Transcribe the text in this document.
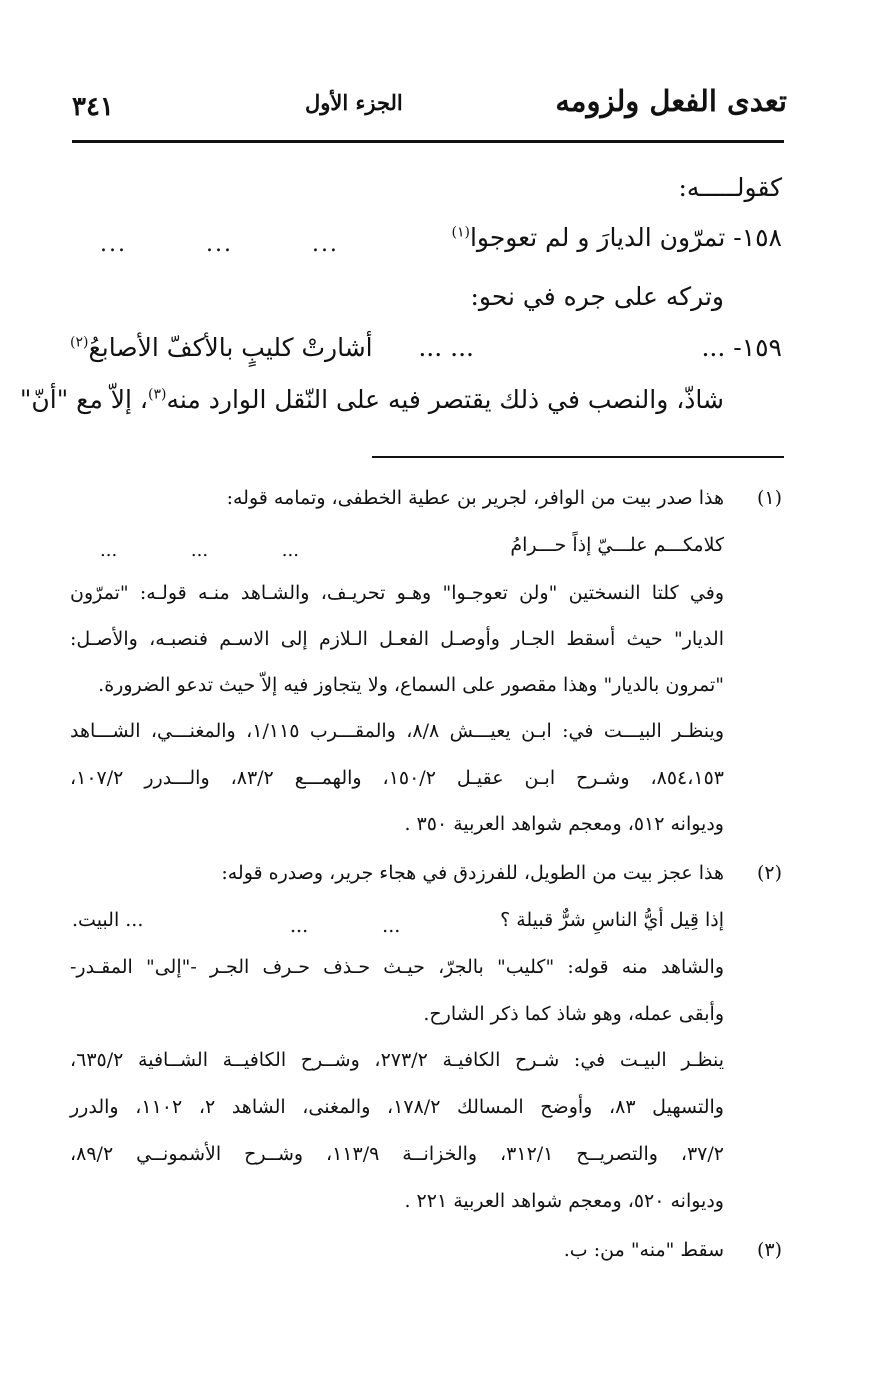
تعدى الفعل ولزومه
الجزء الأول
٣٤١
كقولـــــه:
١٥٨- تمرّون الديارَ و لم تعوجوا$^{(١)}$
... ... ...
وتركه على جره في نحو:
١٥٩- ...
... ...
أشارتْ كليبٍ بالأكفّ الأصابعُ$^{(٢)}$
شاذّ، والنصب في ذلك يقتصر فيه على النّقل الوارد منه$^{(٣)}$، إلاّ مع "أنّ"
(١)
هذا صدر بيت من الوافر، لجرير بن عطية الخطفى، وتمامه قوله:
كلامكـــم علـــيّ إذاً حـــرامُ
... ... ...
وفي كلتا النسختين "ولن تعوجـوا" وهـو تحريـف، والشـاهد منـه قولـه: "تمرّون
الديار" حيث أسقط الجـار وأوصـل الفعـل الـلازم إلى الاسـم فنصبـه، والأصـل:
"تمرون بالديار" وهذا مقصور على السماع، ولا يتجاوز فيه إلاّ حيث تدعو الضرورة.
وينظـر البيـــت في: ابـن يعيـــش ٨/٨، والمقـــرب ١/١١٥، والمغنـــي، الشـــاهد
٨٥٤،١٥٣، وشـرح ابـن عقيـل ١٥٠/٢، والهمـــع ٨٣/٢، والـــدرر ١٠٧/٢،
وديوانه ٥١٢، ومعجم شواهد العربية ٣٥٠ .
(٢)
هذا عجز بيت من الطويل، للفرزدق في هجاء جرير، وصدره قوله:
إذا قِيل أيُّ الناسِ شرٌّ قبيلة ؟
... ...
... البيت.
والشاهد منه قوله: "كليب" بالجرّ، حيـث حـذف حـرف الجـر -"إلى" المقـدر-
وأبقى عمله، وهو شاذ كما ذكر الشارح.
ينظـر البيـت في: شـرح الكافيـة ٢٧٣/٢، وشــرح الكافيــة الشــافية ٦٣٥/٢،
والتسهيل ٨٣، وأوضح المسالك ١٧٨/٢، والمغنى، الشاهد ٢، ١١٠٢، والدرر
٣٧/٢، والتصريــح ٣١٢/١، والخزانــة ١١٣/٩، وشــرح الأشمونــي ٨٩/٢،
وديوانه ٥٢٠، ومعجم شواهد العربية ٢٢١ .
(٣)
سقط "منه" من: ب.
